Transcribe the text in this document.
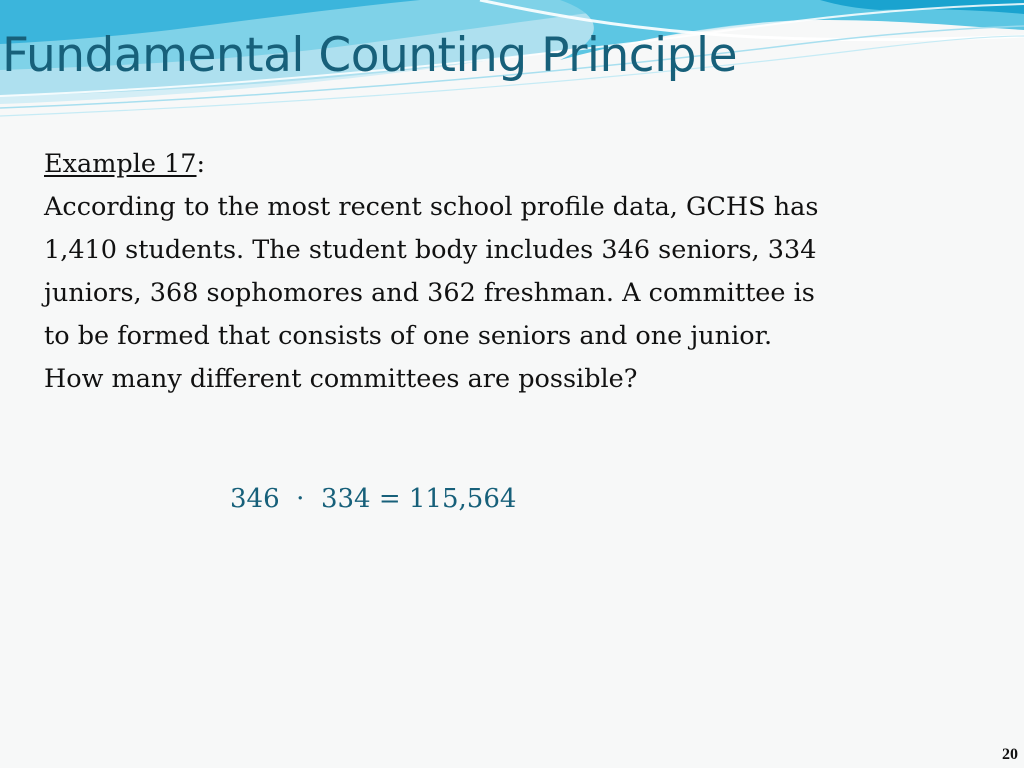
Fundamental Counting Principle
Example 17:

According to the most recent school profile data, GCHS has

1,410 students. The student body includes 346 seniors, 334

juniors, 368 sophomores and 362 freshman. A committee is

to be formed that consists of one seniors and one junior.

How many different committees are possible?

346  ·  334 = 115,564
20
